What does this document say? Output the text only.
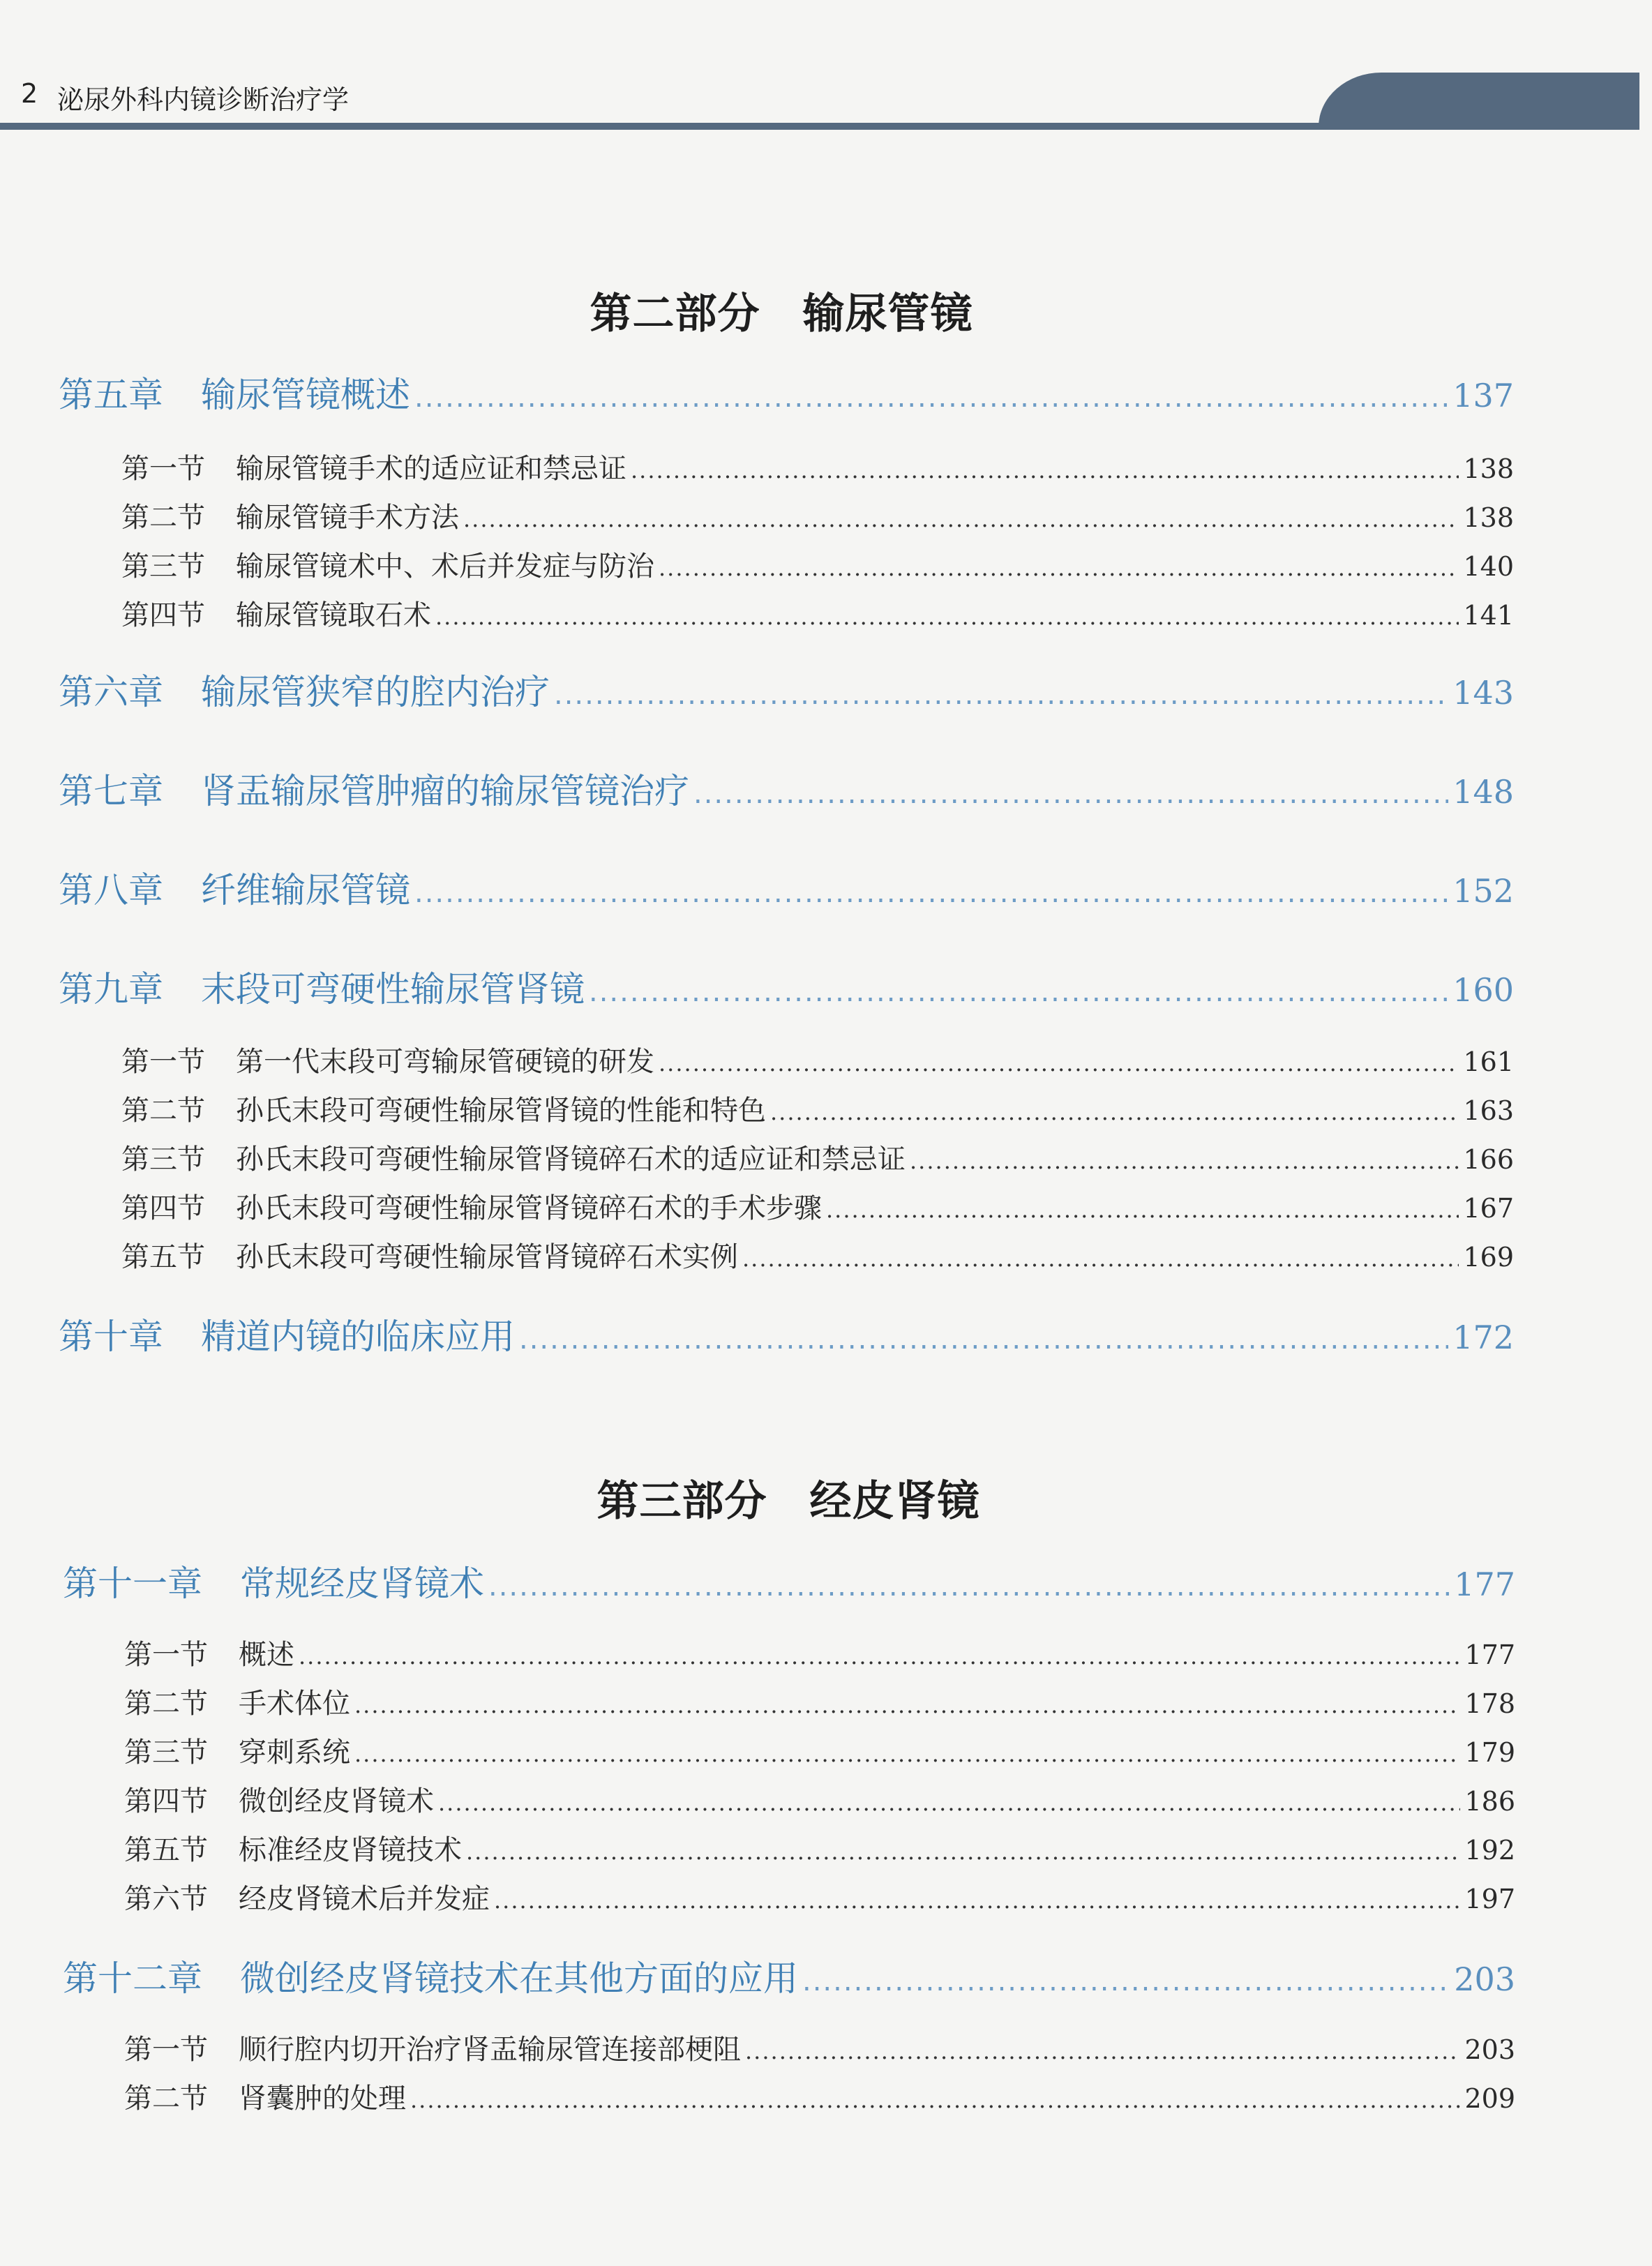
2 泌尿外科内镜诊断治疗学
第二部分　输尿管镜
第五章 输尿管镜概述 .....	137
第一节 输尿管镜手术的适应证和禁忌证 .....	138
第二节 输尿管镜手术方法 .....	138
第三节 输尿管镜术中、术后并发症与防治 .....	140
第四节 输尿管镜取石术 .....	141
第六章 输尿管狭窄的腔内治疗 .....	143
第七章 肾盂输尿管肿瘤的输尿管镜治疗 .....	148
第八章 纤维输尿管镜 .....	152
第九章 末段可弯硬性输尿管肾镜 .....	160
第一节 第一代末段可弯输尿管硬镜的研发 .....	161
第二节 孙氏末段可弯硬性输尿管肾镜的性能和特色 .....	163
第三节 孙氏末段可弯硬性输尿管肾镜碎石术的适应证和禁忌证 .....	166
第四节 孙氏末段可弯硬性输尿管肾镜碎石术的手术步骤 .....	167
第五节 孙氏末段可弯硬性输尿管肾镜碎石术实例 .....	169
第十章 精道内镜的临床应用 .....	172
第三部分　经皮肾镜
第十一章 常规经皮肾镜术 .....	177
第一节 概述 .....	177
第二节 手术体位 .....	178
第三节 穿刺系统 .....	179
第四节 微创经皮肾镜术 .....	186
第五节 标准经皮肾镜技术 .....	192
第六节 经皮肾镜术后并发症 .....	197
第十二章 微创经皮肾镜技术在其他方面的应用 .....	203
第一节 顺行腔内切开治疗肾盂输尿管连接部梗阻 .....	203
第二节 肾囊肿的处理 .....	209
